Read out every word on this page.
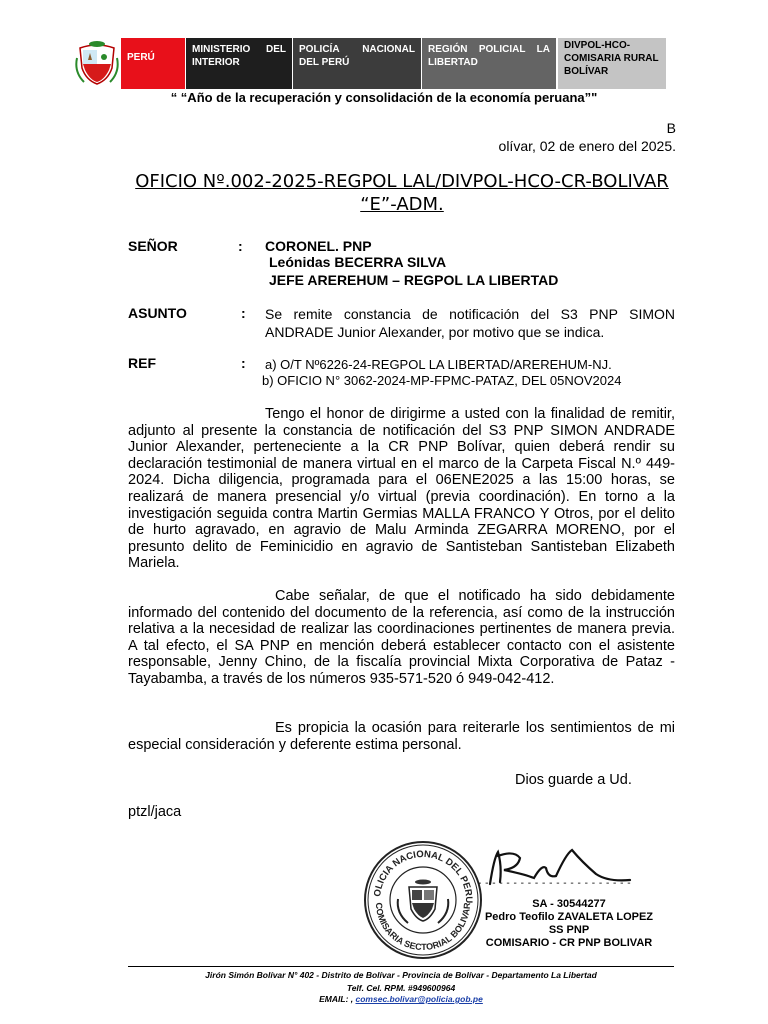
PERÚ
MINISTERIO DEL INTERIOR
POLICÍA NACIONAL DEL PERÚ
REGIÓN POLICIAL LA LIBERTAD
DIVPOL-HCO-COMISARIA RURAL BOLÍVAR
“ “Año de la recuperación y consolidación de la economía peruana”"
B
olívar, 02 de enero del 2025.
OFICIO Nº.002-2025-REGPOL LAL/DIVPOL-HCO-CR-BOLIVAR “E”-ADM.
SEÑOR	: CORONEL. PNP
Leónidas BECERRA SILVA
JEFE AREREHUM – REGPOL LA LIBERTAD
ASUNTO	: Se remite constancia de notificación del S3 PNP SIMON ANDRADE Junior Alexander, por motivo que se indica.
REF	: a) O/T Nº6226-24-REGPOL LA LIBERTAD/AREREHUM-NJ.
b) OFICIO N° 3062-2024-MP-FPMC-PATAZ, DEL 05NOV2024
Tengo el honor de dirigirme a usted con la finalidad de remitir, adjunto al presente la constancia de notificación del S3 PNP SIMON ANDRADE Junior Alexander, perteneciente a la CR PNP Bolívar, quien deberá rendir su declaración testimonial de manera virtual en el marco de la Carpeta Fiscal N.º 449-2024. Dicha diligencia, programada para el 06ENE2025 a las 15:00 horas, se realizará de manera presencial y/o virtual (previa coordinación). En torno a la investigación seguida contra Martin Germias MALLA FRANCO Y Otros, por el delito de hurto agravado, en agravio de Malu Arminda ZEGARRA MORENO, por el presunto delito de Feminicidio en agravio de Santisteban Santisteban Elizabeth Mariela.
Cabe señalar, de que el notificado ha sido debidamente informado del contenido del documento de la referencia, así como de la instrucción relativa a la necesidad de realizar las coordinaciones pertinentes de manera previa. A tal efecto, el SA PNP en mención deberá establecer contacto con el asistente responsable, Jenny Chino, de la fiscalía provincial Mixta Corporativa de Pataz - Tayabamba, a través de los números 935-571-520 ó 949-042-412.
Es propicia la ocasión para reiterarle los sentimientos de mi especial consideración y deferente estima personal.
Dios guarde a Ud.
ptzl/jaca
OLICIA NACIONAL DEL PERU
COMISARIA SECTORIAL BOLIVAR
- - - - - - - - - - - - - - - - - - - - - -
SA - 30544277
Pedro Teofilo ZAVALETA LOPEZ
SS PNP
COMISARIO - CR PNP BOLIVAR
Jirón Simón Bolívar N° 402 - Distrito de Bolívar - Provincia de Bolívar - Departamento La Libertad
Telf. Cel. RPM. #949600964
EMAIL: , comsec.bolivar@policia.gob.pe
